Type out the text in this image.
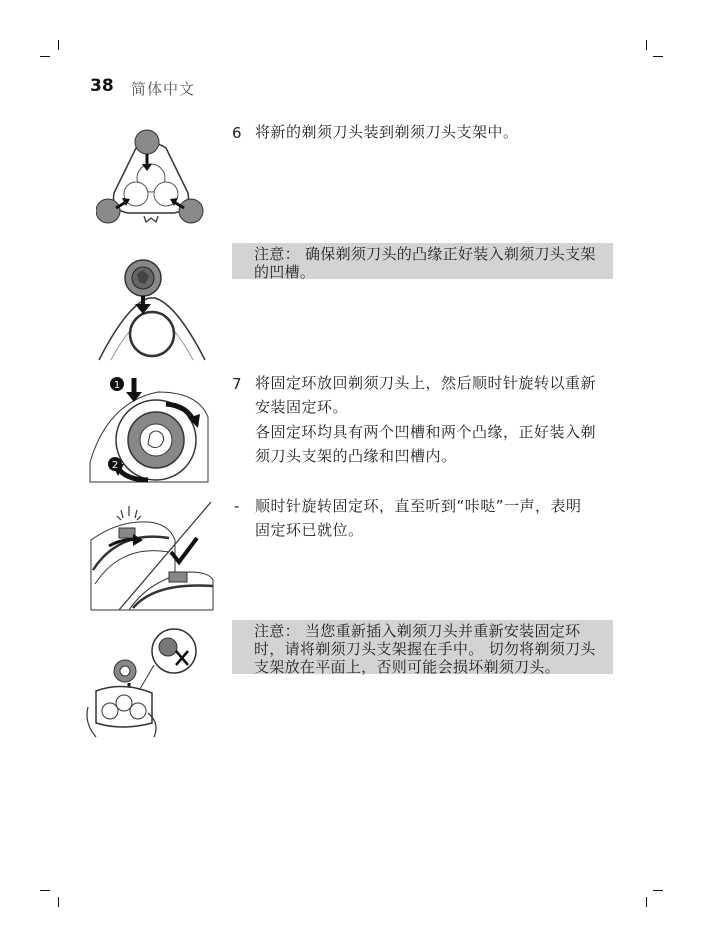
38 简体中文
6 将新的剃须刀头装到剃须刀头支架中。
注意： 确保剃须刀头的凸缘正好装入剃须刀头支架
的凹槽。
7 将固定环放回剃须刀头上，然后顺时针旋转以重新
安装固定环。
各固定环均具有两个凹槽和两个凸缘，正好装入剃
须刀头支架的凸缘和凹槽内。
- 顺时针旋转固定环，直至听到“咔哒”一声，表明
固定环已就位。
注意： 当您重新插入剃须刀头并重新安装固定环
时，请将剃须刀头支架握在手中。 切勿将剃须刀头
支架放在平面上，否则可能会损坏剃须刀头。
1
2
